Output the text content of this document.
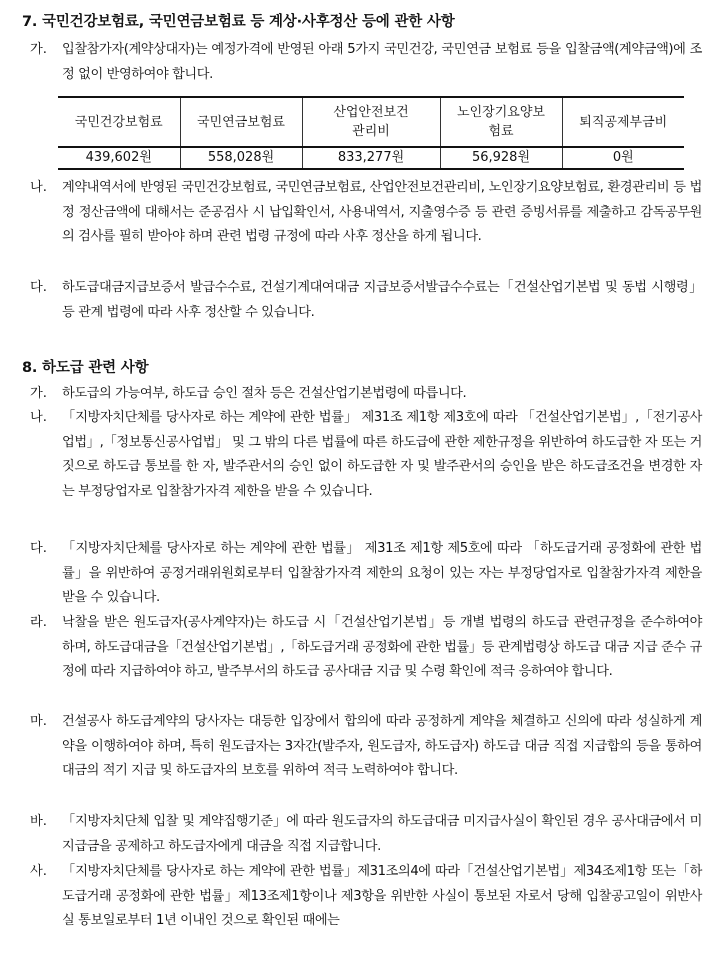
7. 국민건강보험료, 국민연금보험료 등 계상·사후정산 등에 관한 사항
가. 입찰참가자(계약상대자)는 예정가격에 반영된 아래 5가지 국민건강, 국민연금 보험료 등을 입찰금액(계약금액)에 조정 없이 반영하여야 합니다.
국민건강보험료	국민연금보험료	산업안전보건관리비	노인장기요양보험료	퇴직공제부금비
439,602원	558,028원	833,277원	56,928원	0원
나. 계약내역서에 반영된 국민건강보험료, 국민연금보험료, 산업안전보건관리비, 노인장기요양보험료, 환경관리비 등 법정 정산금액에 대해서는 준공검사 시 납입확인서, 사용내역서, 지출영수증 등 관련 증빙서류를 제출하고 감독공무원의 검사를 필히 받아야 하며 관련 법령 규정에 따라 사후 정산을 하게 됩니다.
다. 하도급대금지급보증서 발급수수료, 건설기계대여대금 지급보증서발급수수료는「건설산업기본법 및 동법 시행령」등 관계 법령에 따라 사후 정산할 수 있습니다.
8. 하도급 관련 사항
가. 하도급의 가능여부, 하도급 승인 절차 등은 건설산업기본법령에 따릅니다.
나. 「지방자치단체를 당사자로 하는 계약에 관한 법률」 제31조 제1항 제3호에 따라 「건설산업기본법」,「전기공사업법」,「정보통신공사업법」 및 그 밖의 다른 법률에 따른 하도급에 관한 제한규정을 위반하여 하도급한 자 또는 거짓으로 하도급 통보를 한 자, 발주관서의 승인 없이 하도급한 자 및 발주관서의 승인을 받은 하도급조건을 변경한 자는 부정당업자로 입찰참가자격 제한을 받을 수 있습니다.
다. 「지방자치단체를 당사자로 하는 계약에 관한 법률」 제31조 제1항 제5호에 따라 「하도급거래 공정화에 관한 법률」을 위반하여 공정거래위원회로부터 입찰참가자격 제한의 요청이 있는 자는 부정당업자로 입찰참가자격 제한을 받을 수 있습니다.
라. 낙찰을 받은 원도급자(공사계약자)는 하도급 시「건설산업기본법」등 개별 법령의 하도급 관련규정을 준수하여야 하며, 하도급대금을「건설산업기본법」,「하도급거래 공정화에 관한 법률」등 관계법령상 하도급 대금 지급 준수 규정에 따라 지급하여야 하고, 발주부서의 하도급 공사대금 지급 및 수령 확인에 적극 응하여야 합니다.
마. 건설공사 하도급계약의 당사자는 대등한 입장에서 합의에 따라 공정하게 계약을 체결하고 신의에 따라 성실하게 계약을 이행하여야 하며, 특히 원도급자는 3자간(발주자, 원도급자, 하도급자) 하도급 대금 직접 지급합의 등을 통하여 대금의 적기 지급 및 하도급자의 보호를 위하여 적극 노력하여야 합니다.
바. 「지방자치단체 입찰 및 계약집행기준」에 따라 원도급자의 하도급대금 미지급사실이 확인된 경우 공사대금에서 미지급금을 공제하고 하도급자에게 대금을 직접 지급합니다.
사. 「지방자치단체를 당사자로 하는 계약에 관한 법률」제31조의4에 따라「건설산업기본법」제34조제1항 또는「하도급거래 공정화에 관한 법률」제13조제1항이나 제3항을 위반한 사실이 통보된 자로서 당해 입찰공고일이 위반사실 통보일로부터 1년 이내인 것으로 확인된 때에는
